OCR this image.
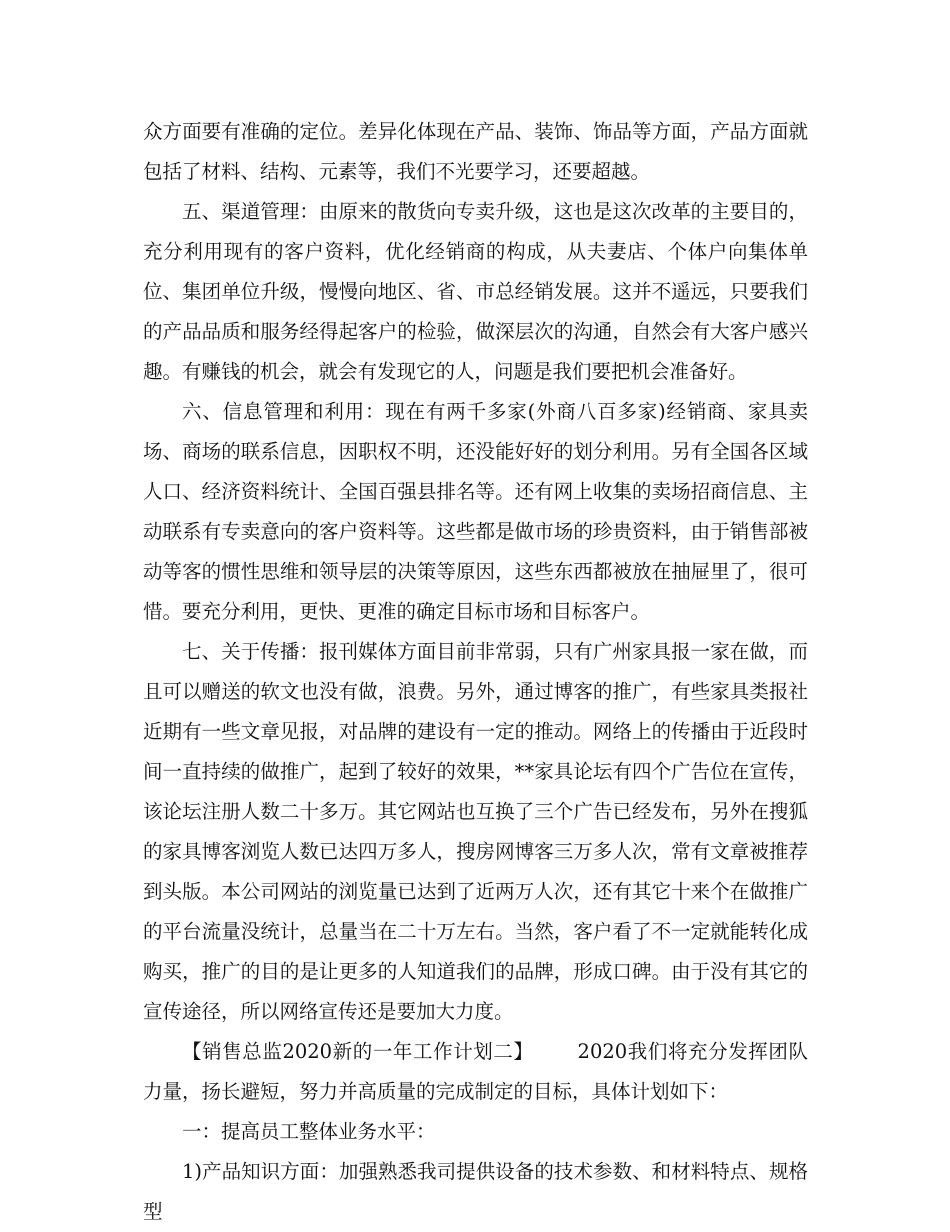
众方面要有准确的定位。差异化体现在产品、装饰、饰品等方面，产品方面就包括了材料、结构、元素等，我们不光要学习，还要超越。

五、渠道管理：由原来的散货向专卖升级，这也是这次改革的主要目的，充分利用现有的客户资料，优化经销商的构成，从夫妻店、个体户向集体单位、集团单位升级，慢慢向地区、省、市总经销发展。这并不遥远，只要我们的产品品质和服务经得起客户的检验，做深层次的沟通，自然会有大客户感兴趣。有赚钱的机会，就会有发现它的人，问题是我们要把机会准备好。

六、信息管理和利用：现在有两千多家(外商八百多家)经销商、家具卖场、商场的联系信息，因职权不明，还没能好好的划分利用。另有全国各区域人口、经济资料统计、全国百强县排名等。还有网上收集的卖场招商信息、主动联系有专卖意向的客户资料等。这些都是做市场的珍贵资料，由于销售部被动等客的惯性思维和领导层的决策等原因，这些东西都被放在抽屉里了，很可惜。要充分利用，更快、更准的确定目标市场和目标客户。

七、关于传播：报刊媒体方面目前非常弱，只有广州家具报一家在做，而且可以赠送的软文也没有做，浪费。另外，通过博客的推广，有些家具类报社近期有一些文章见报，对品牌的建设有一定的推动。网络上的传播由于近段时间一直持续的做推广，起到了较好的效果，**家具论坛有四个广告位在宣传，该论坛注册人数二十多万。其它网站也互换了三个广告已经发布，另外在搜狐的家具博客浏览人数已达四万多人，搜房网博客三万多人次，常有文章被推荐到头版。本公司网站的浏览量已达到了近两万人次，还有其它十来个在做推广的平台流量没统计，总量当在二十万左右。当然，客户看了不一定就能转化成购买，推广的目的是让更多的人知道我们的品牌，形成口碑。由于没有其它的宣传途径，所以网络宣传还是要加大力度。

【销售总监2020新的一年工作计划二】 2020我们将充分发挥团队力量，扬长避短，努力并高质量的完成制定的目标，具体计划如下：

一：提高员工整体业务水平：

1)产品知识方面：加强熟悉我司提供设备的技术参数、和材料特点、规格型
